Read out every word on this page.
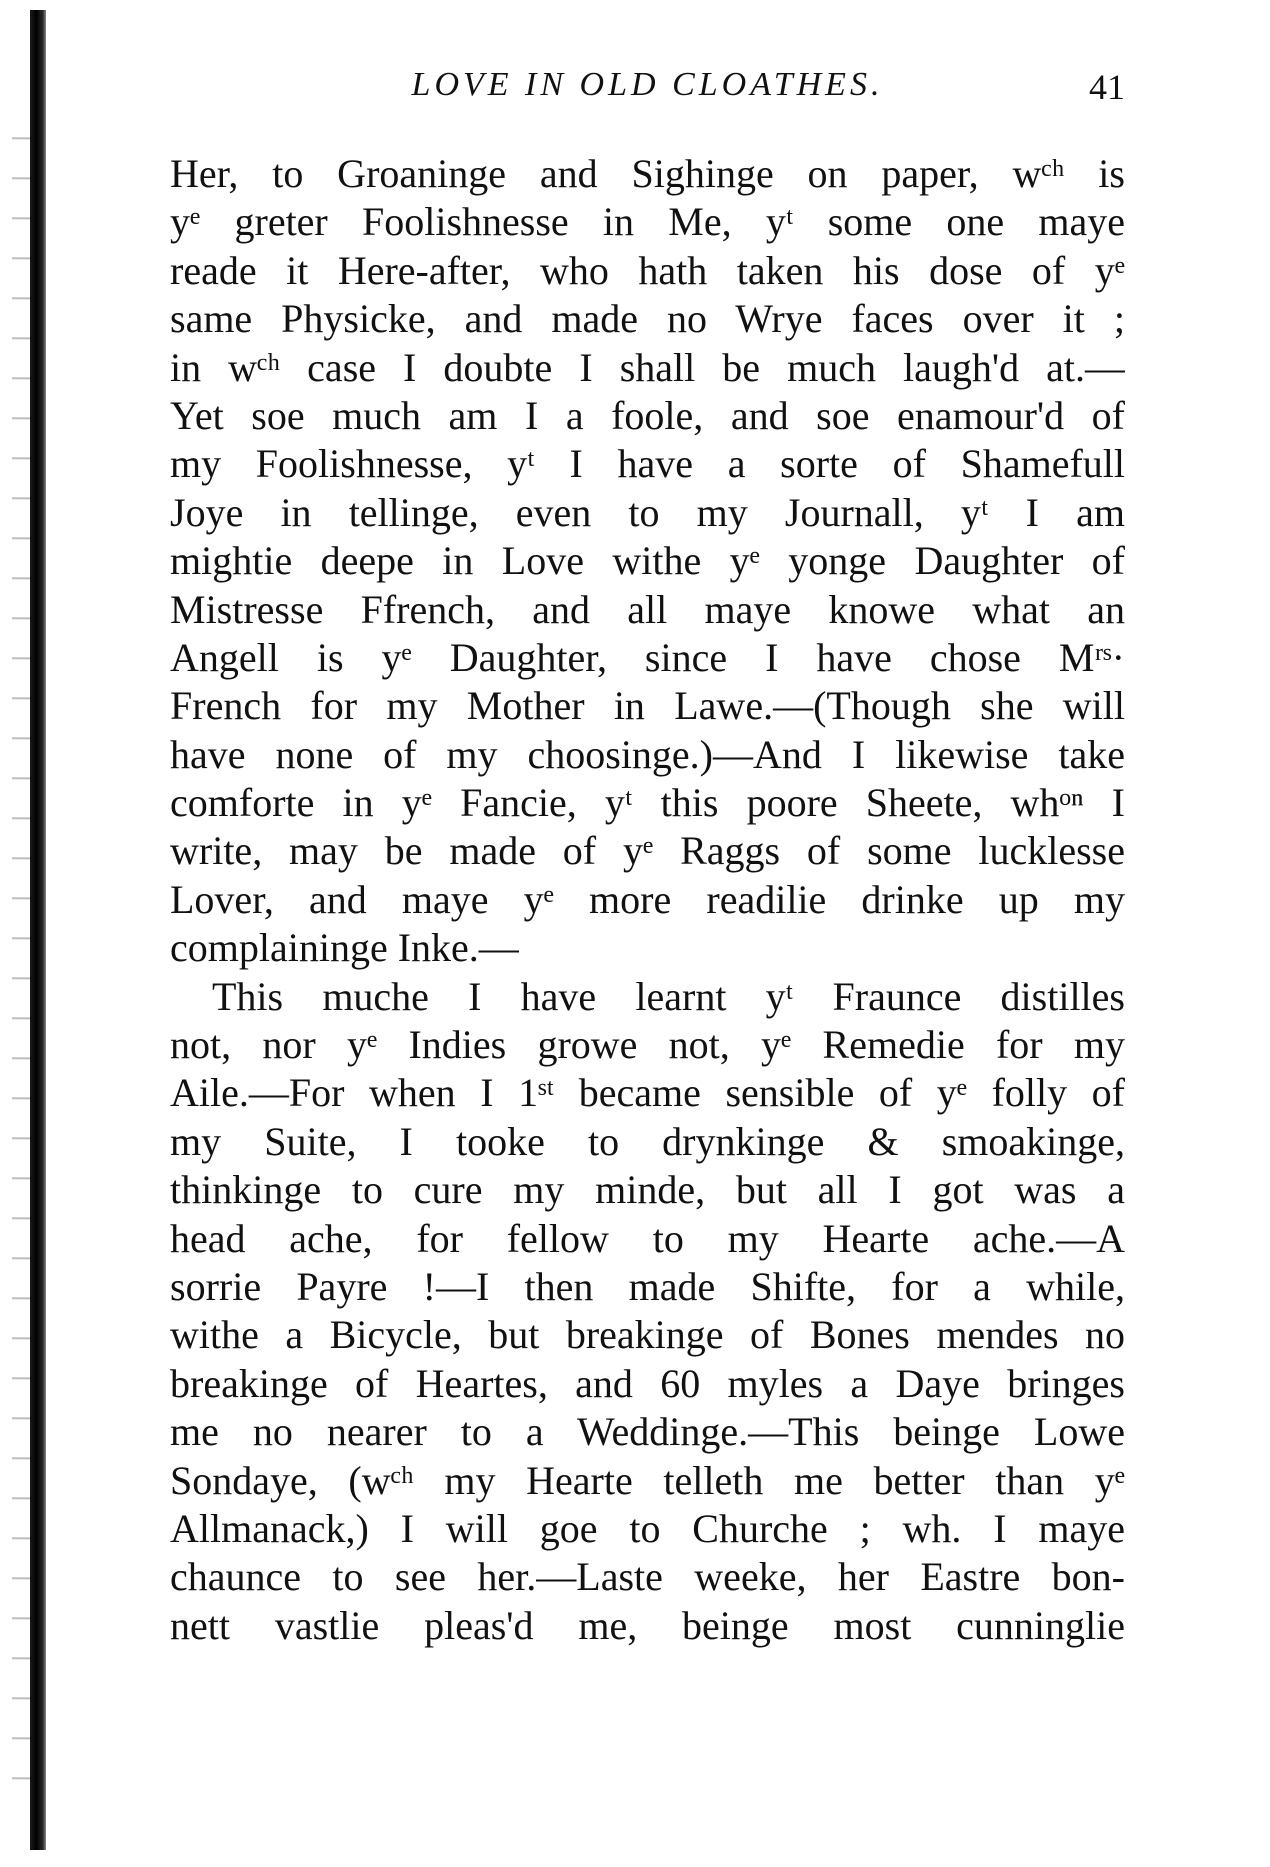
LOVE IN OLD CLOATHES.	41
Her, to Groaninge and Sighinge on paper, wᶜʰ is
yᵉ greter Foolishnesse in Me, yᵗ some one maye
reade it Here-after, who hath taken his dose of yᵉ
same Physicke, and made no Wrye faces over it ;
in wᶜʰ case I doubte I shall be much laugh'd at.—
Yet soe much am I a foole, and soe enamour'd of
my Foolishnesse, yᵗ I have a sorte of Shamefull
Joye in tellinge, even to my Journall, yᵗ I am
mightie deepe in Love withe yᵉ yonge Daughter of
Mistresse Ffrench, and all maye knowe what an
Angell is yᵉ Daughter, since I have chose Mʳˢ·
French for my Mother in Lawe.—(Though she will
have none of my choosinge.)—And I likewise take
comforte in yᵉ Fancie, yᵗ this poore Sheete, whᵒⁿ I
write, may be made of yᵉ Raggs of some lucklesse
Lover, and maye yᵉ more readilie drinke up my
complaininge Inke.—
This muche I have learnt yᵗ Fraunce distilles
not, nor yᵉ Indies growe not, yᵉ Remedie for my
Aile.—For when I 1ˢᵗ became sensible of yᵉ folly of
my Suite, I tooke to drynkinge & smoakinge,
thinkinge to cure my minde, but all I got was a
head ache, for fellow to my Hearte ache.—A
sorrie Payre !—I then made Shifte, for a while,
withe a Bicycle, but breakinge of Bones mendes no
breakinge of Heartes, and 60 myles a Daye bringes
me no nearer to a Weddinge.—This beinge Lowe
Sondaye, (wᶜʰ my Hearte telleth me better than yᵉ
Allmanack,) I will goe to Churche ; wh. I maye
chaunce to see her.—Laste weeke, her Eastre bon-
nett vastlie pleas'd me, beinge most cunninglie
